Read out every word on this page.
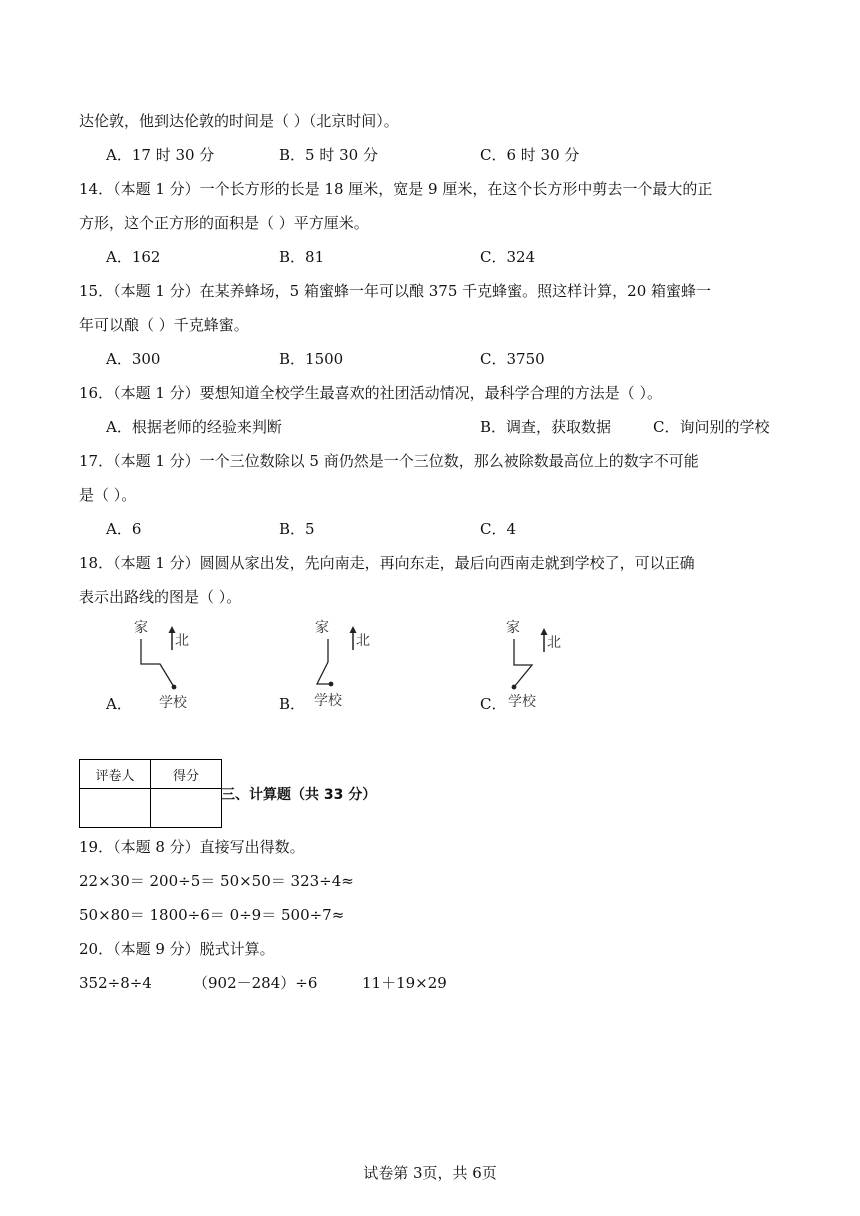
达伦敦，他到达伦敦的时间是（ ）（北京时间）。
A．17 时 30 分	B．5 时 30 分	C．6 时 30 分
14．（本题 1 分）一个长方形的长是 18 厘米，宽是 9 厘米，在这个长方形中剪去一个最大的正
方形，这个正方形的面积是（ ）平方厘米。
A．162	B．81	C．324
15．（本题 1 分）在某养蜂场，5 箱蜜蜂一年可以酿 375 千克蜂蜜。照这样计算，20 箱蜜蜂一
年可以酿（ ）千克蜂蜜。
A．300	B．1500	C．3750
16．（本题 1 分）要想知道全校学生最喜欢的社团活动情况，最科学合理的方法是（ ）。
A．根据老师的经验来判断	B．调查，获取数据	C．询问别的学校
17．（本题 1 分）一个三位数除以 5 商仍然是一个三位数，那么被除数最高位上的数字不可能
是（ ）。
A．6	B．5	C．4
18．（本题 1 分）圆圆从家出发，先向南走，再向东走，最后向西南走就到学校了，可以正确
表示出路线的图是（ ）。
A．
家
北
学校	B．
家
北
学校	C．
家
北
学校
评卷人	得分

三、计算题（共 33 分）
19．（本题 8 分）直接写出得数。
22×30＝ 200÷5＝ 50×50＝ 323÷4≈
50×80＝ 1800÷6＝ 0÷9＝ 500÷7≈
20．（本题 9 分）脱式计算。
352÷8÷4	（902－284）÷6	11＋19×29
试卷第 3页，共 6页
